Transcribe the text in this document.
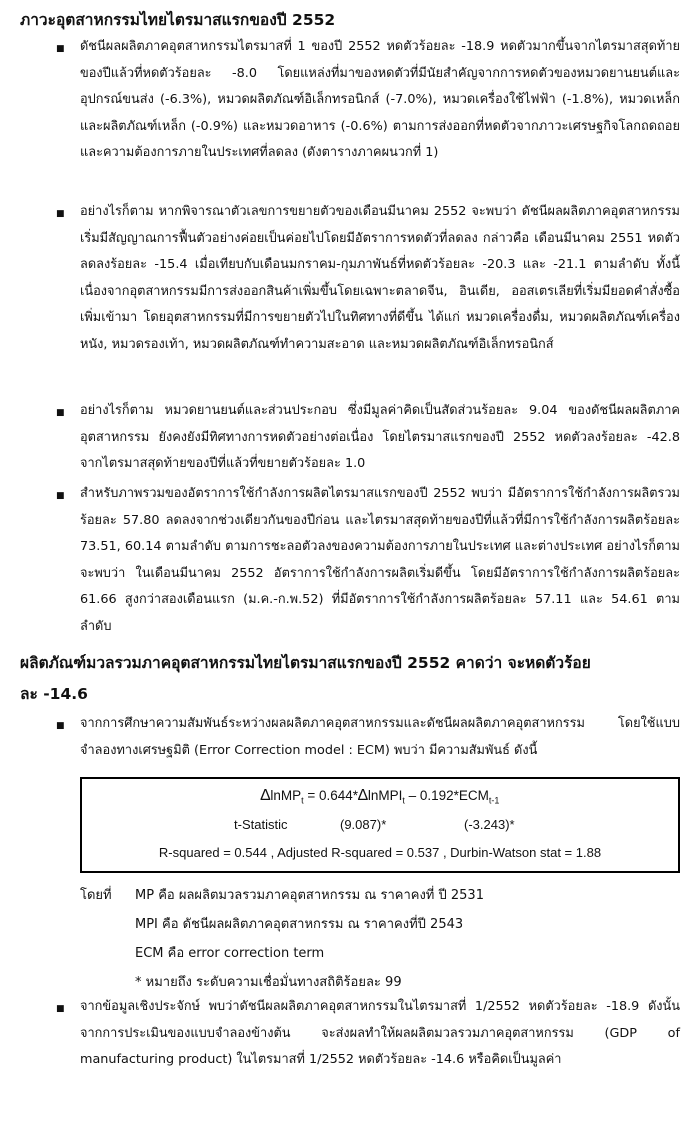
ภาวะอุตสาหกรรมไทยไตรมาสแรกของปี 2552
■ ดัชนีผลผลิตภาคอุตสาหกรรมไตรมาสที่ 1 ของปี 2552 หดตัวร้อยละ -18.9 หดตัวมากขึ้นจากไตรมาสสุดท้ายของปีแล้วที่หดตัวร้อยละ -8.0 โดยแหล่งที่มาของหดตัวที่มีนัยสำคัญจากการหดตัวของหมวดยานยนต์และอุปกรณ์ขนส่ง (-6.3%), หมวดผลิตภัณฑ์อิเล็กทรอนิกส์ (-7.0%), หมวดเครื่องใช้ไฟฟ้า (-1.8%), หมวดเหล็กและผลิตภัณฑ์เหล็ก (-0.9%) และหมวดอาหาร (-0.6%) ตามการส่งออกที่หดตัวจากภาวะเศรษฐกิจโลกถดถอยและความต้องการภายในประเทศที่ลดลง (ดังตารางภาคผนวกที่ 1)

■ อย่างไรก็ตาม หากพิจารณาตัวเลขการขยายตัวของเดือนมีนาคม 2552 จะพบว่า ดัชนีผลผลิตภาคอุตสาหกรรมเริ่มมีสัญญาณการฟื้นตัวอย่างค่อยเป็นค่อยไปโดยมีอัตราการหดตัวที่ลดลง กล่าวคือ เดือนมีนาคม 2551 หดตัวลดลงร้อยละ -15.4 เมื่อเทียบกับเดือนมกราคม-กุมภาพันธ์ที่หดตัวร้อยละ -20.3 และ -21.1 ตามลำดับ ทั้งนี้เนื่องจากอุตสาหกรรมมีการส่งออกสินค้าเพิ่มขึ้นโดยเฉพาะตลาดจีน, อินเดีย, ออสเตรเลียที่เริ่มมียอดคำสั่งซื้อเพิ่มเข้ามา โดยอุตสาหกรรมที่มีการขยายตัวไปในทิศทางที่ดีขึ้น ได้แก่ หมวดเครื่องดื่ม, หมวดผลิตภัณฑ์เครื่องหนัง, หมวดรองเท้า, หมวดผลิตภัณฑ์ทำความสะอาด และหมวดผลิตภัณฑ์อิเล็กทรอนิกส์

■ อย่างไรก็ตาม หมวดยานยนต์และส่วนประกอบ ซึ่งมีมูลค่าคิดเป็นสัดส่วนร้อยละ 9.04 ของดัชนีผลผลิตภาคอุตสาหกรรม ยังคงยังมีทิศทางการหดตัวอย่างต่อเนื่อง โดยไตรมาสแรกของปี 2552 หดตัวลงร้อยละ -42.8 จากไตรมาสสุดท้ายของปีที่แล้วที่ขยายตัวร้อยละ 1.0

■ สำหรับภาพรวมของอัตราการใช้กำลังการผลิตไตรมาสแรกของปี 2552 พบว่า มีอัตราการใช้กำลังการผลิตรวมร้อยละ 57.80 ลดลงจากช่วงเดียวกันของปีก่อน และไตรมาสสุดท้ายของปีที่แล้วที่มีการใช้กำลังการผลิตร้อยละ 73.51, 60.14 ตามลำดับ ตามการชะลอตัวลงของความต้องการภายในประเทศ และต่างประเทศ อย่างไรก็ตาม จะพบว่า ในเดือนมีนาคม 2552 อัตราการใช้กำลังการผลิตเริ่มดีขึ้น โดยมีอัตราการใช้กำลังการผลิตร้อยละ 61.66 สูงกว่าสองเดือนแรก (ม.ค.-ก.พ.52) ที่มีอัตราการใช้กำลังการผลิตร้อยละ 57.11 และ 54.61 ตามลำดับ

ผลิตภัณฑ์มวลรวมภาคอุตสาหกรรมไทยไตรมาสแรกของปี 2552 คาดว่า จะหดตัวร้อย
ละ -14.6
■ จากการศึกษาความสัมพันธ์ระหว่างผลผลิตภาคอุตสาหกรรมและดัชนีผลผลิตภาคอุตสาหกรรม โดยใช้แบบจำลองทางเศรษฐมิติ (Error Correction model : ECM) พบว่า มีความสัมพันธ์ ดังนี้

∆lnMP$_t$ = 0.644*∆lnMPI$_t$ – $0.192*ECM_{t-1}$
t-Statistic	(9.087)*	(-3.243)*
R-squared = 0.544 , Adjusted R-squared = 0.537 , Durbin-Watson stat = 1.88
โดยที่ MP คือ ผลผลิตมวลรวมภาคอุตสาหกรรม ณ ราคาคงที่ ปี 2531
MPI คือ ดัชนีผลผลิตภาคอุตสาหกรรม ณ ราคาคงที่ปี 2543
ECM คือ error correction term
* หมายถึง ระดับความเชื่อมั่นทางสถิติร้อยละ 99
■ จากข้อมูลเชิงประจักษ์ พบว่าดัชนีผลผลิตภาคอุตสาหกรรมในไตรมาสที่ 1/2552 หดตัวร้อยละ -18.9 ดังนั้น จากการประเมินของแบบจำลองข้างต้น จะส่งผลทำให้ผลผลิตมวลรวมภาคอุตสาหกรรม (GDP of manufacturing product) ในไตรมาสที่ 1/2552 หดตัวร้อยละ -14.6 หรือคิดเป็นมูลค่า
